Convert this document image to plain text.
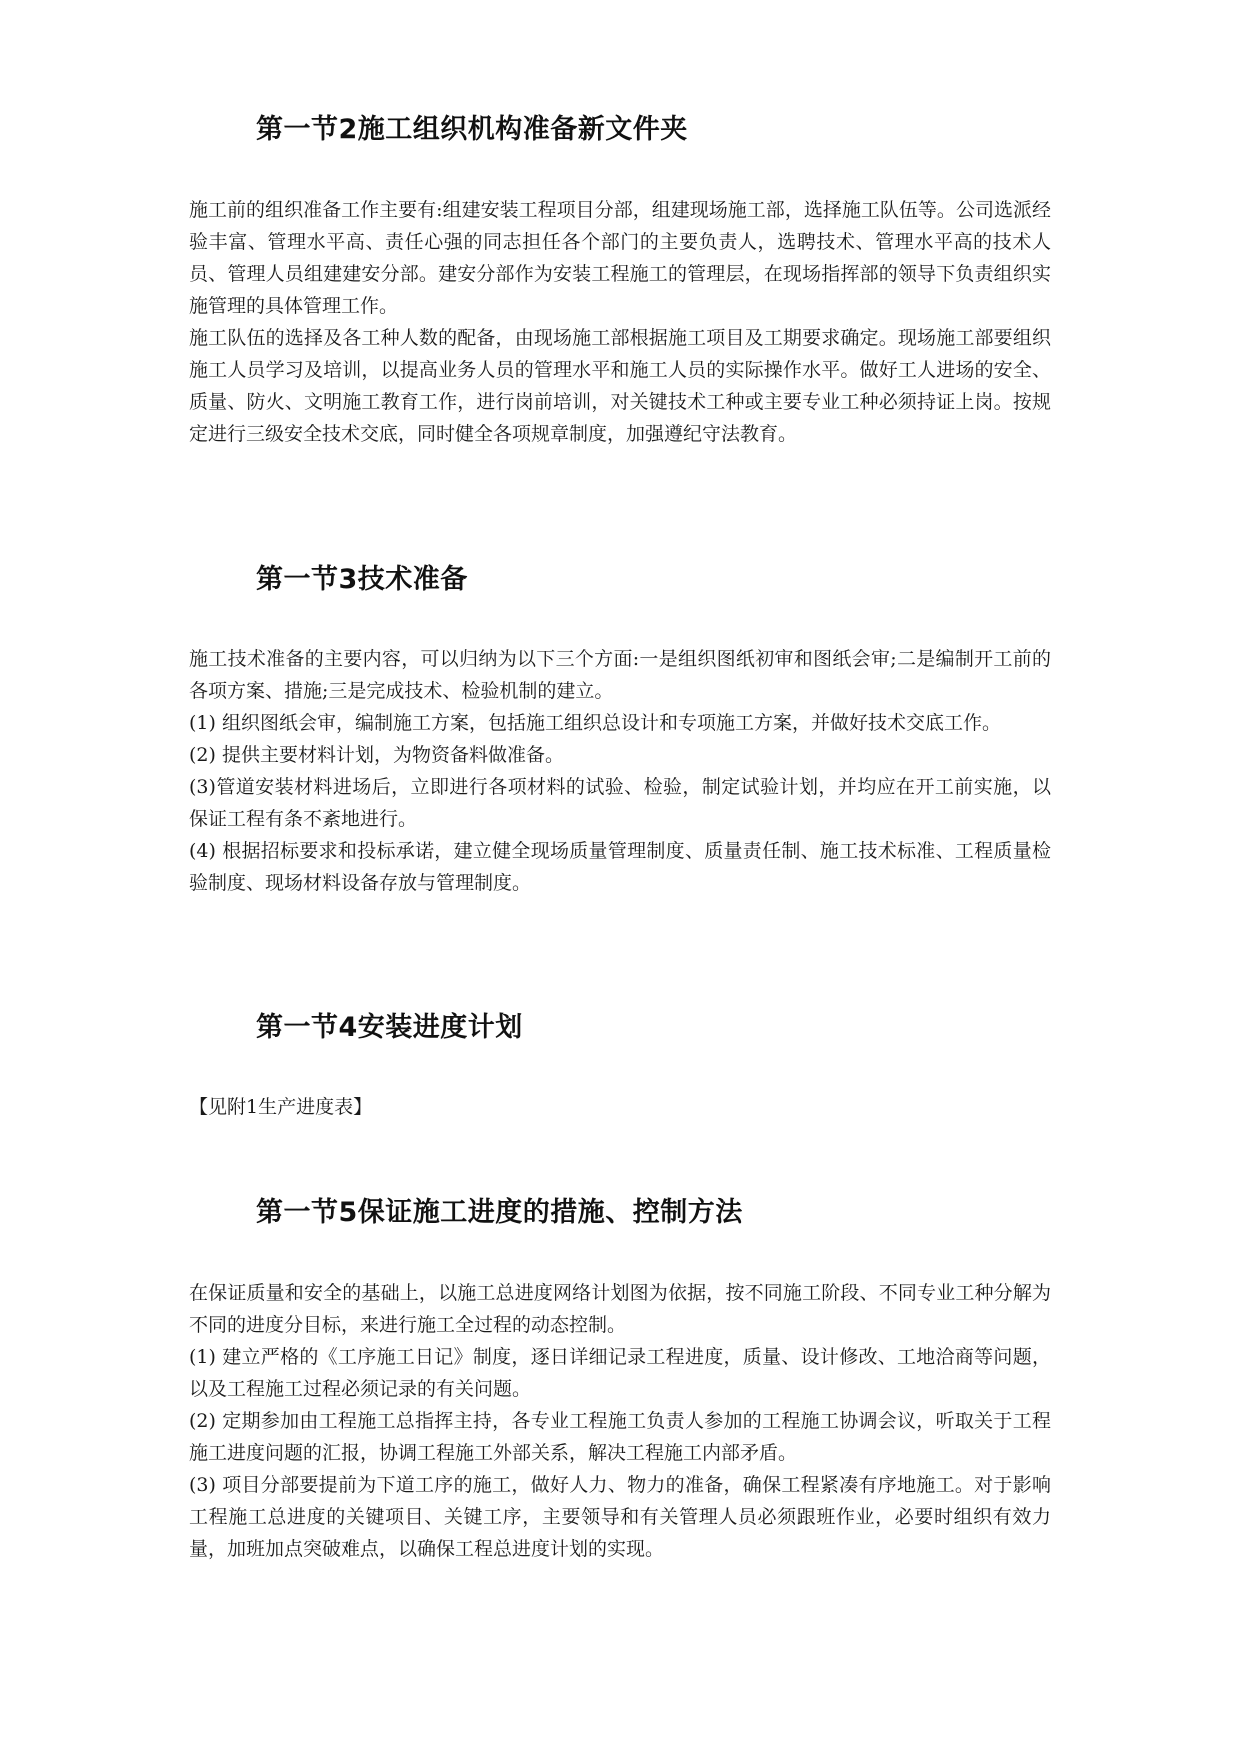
第一节2施工组织机构准备新文件夹

施工前的组织准备工作主要有:组建安装工程项目分部，组建现场施工部，选择施工队伍等。公司选派经验丰富、管理水平高、责任心强的同志担任各个部门的主要负责人，选聘技术、管理水平高的技术人员、管理人员组建建安分部。建安分部作为安装工程施工的管理层，在现场指挥部的领导下负责组织实施管理的具体管理工作。

施工队伍的选择及各工种人数的配备，由现场施工部根据施工项目及工期要求确定。现场施工部要组织施工人员学习及培训，以提高业务人员的管理水平和施工人员的实际操作水平。做好工人进场的安全、质量、防火、文明施工教育工作，进行岗前培训，对关键技术工种或主要专业工种必须持证上岗。按规定进行三级安全技术交底，同时健全各项规章制度，加强遵纪守法教育。

第一节3技术准备

施工技术准备的主要内容，可以归纳为以下三个方面:一是组织图纸初审和图纸会审;二是编制开工前的各项方案、措施;三是完成技术、检验机制的建立。

(1) 组织图纸会审，编制施工方案，包括施工组织总设计和专项施工方案，并做好技术交底工作。

(2) 提供主要材料计划，为物资备料做准备。

(3)管道安装材料进场后，立即进行各项材料的试验、检验，制定试验计划，并均应在开工前实施，以保证工程有条不紊地进行。

(4) 根据招标要求和投标承诺，建立健全现场质量管理制度、质量责任制、施工技术标准、工程质量检验制度、现场材料设备存放与管理制度。

第一节4安装进度计划

【见附1生产进度表】

第一节5保证施工进度的措施、控制方法

在保证质量和安全的基础上，以施工总进度网络计划图为依据，按不同施工阶段、不同专业工种分解为不同的进度分目标，来进行施工全过程的动态控制。

(1) 建立严格的《工序施工日记》制度，逐日详细记录工程进度，质量、设计修改、工地洽商等问题，以及工程施工过程必须记录的有关问题。

(2) 定期参加由工程施工总指挥主持，各专业工程施工负责人参加的工程施工协调会议，听取关于工程施工进度问题的汇报，协调工程施工外部关系，解决工程施工内部矛盾。

(3) 项目分部要提前为下道工序的施工，做好人力、物力的准备，确保工程紧凑有序地施工。对于影响工程施工总进度的关键项目、关键工序，主要领导和有关管理人员必须跟班作业，必要时组织有效力量，加班加点突破难点，以确保工程总进度计划的实现。
